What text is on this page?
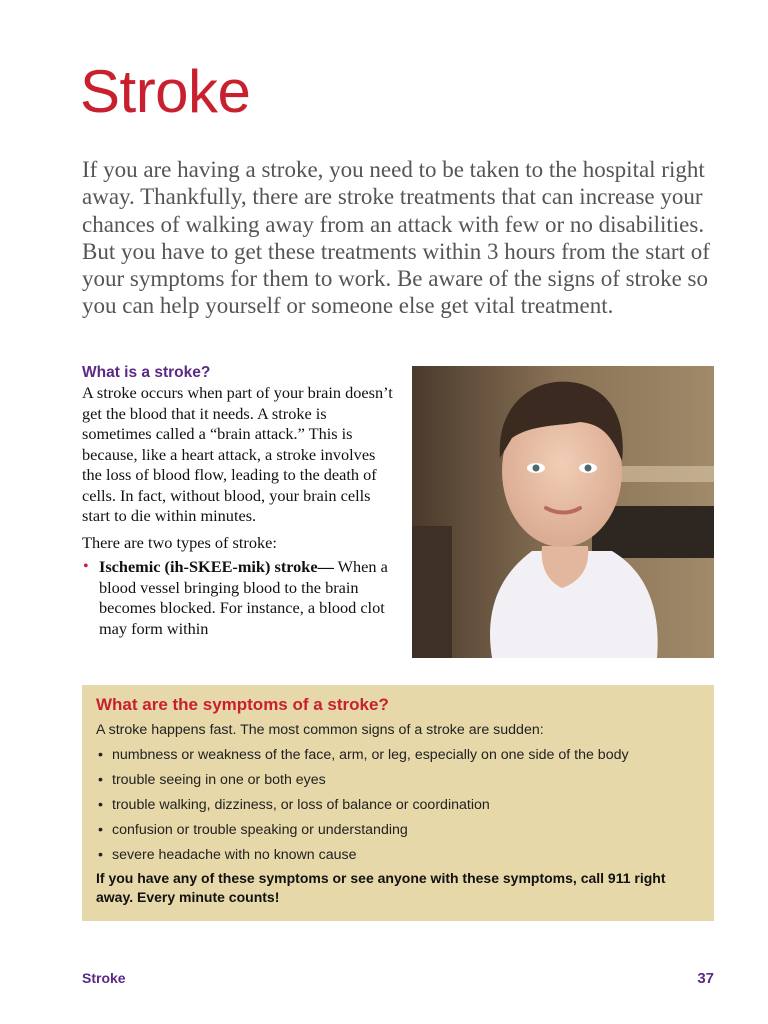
Stroke

If you are having a stroke, you need to be taken to the hospital right away. Thankfully, there are stroke treatments that can increase your chances of walking away from an attack with few or no disabilities. But you have to get these treatments within 3 hours from the start of your symptoms for them to work. Be aware of the signs of stroke so you can help yourself or someone else get vital treatment.

What is a stroke?

A stroke occurs when part of your brain doesn’t get the blood that it needs. A stroke is sometimes called a “brain attack.” This is because, like a heart attack, a stroke involves the loss of blood flow, leading to the death of cells. In fact, without blood, your brain cells start to die within minutes.

There are two types of stroke:

• Ischemic (ih-SKEE-mik) stroke— When a blood vessel bringing blood to the brain becomes blocked. For instance, a blood clot may form within
What are the symptoms of a stroke?
A stroke happens fast. The most common signs of a stroke are sudden:
• numbness or weakness of the face, arm, or leg, especially on one side of the body
• trouble seeing in one or both eyes
• trouble walking, dizziness, or loss of balance or coordination
• confusion or trouble speaking or understanding
• severe headache with no known cause
If you have any of these symptoms or see anyone with these symptoms, call 911 right away. Every minute counts!
Stroke	37
